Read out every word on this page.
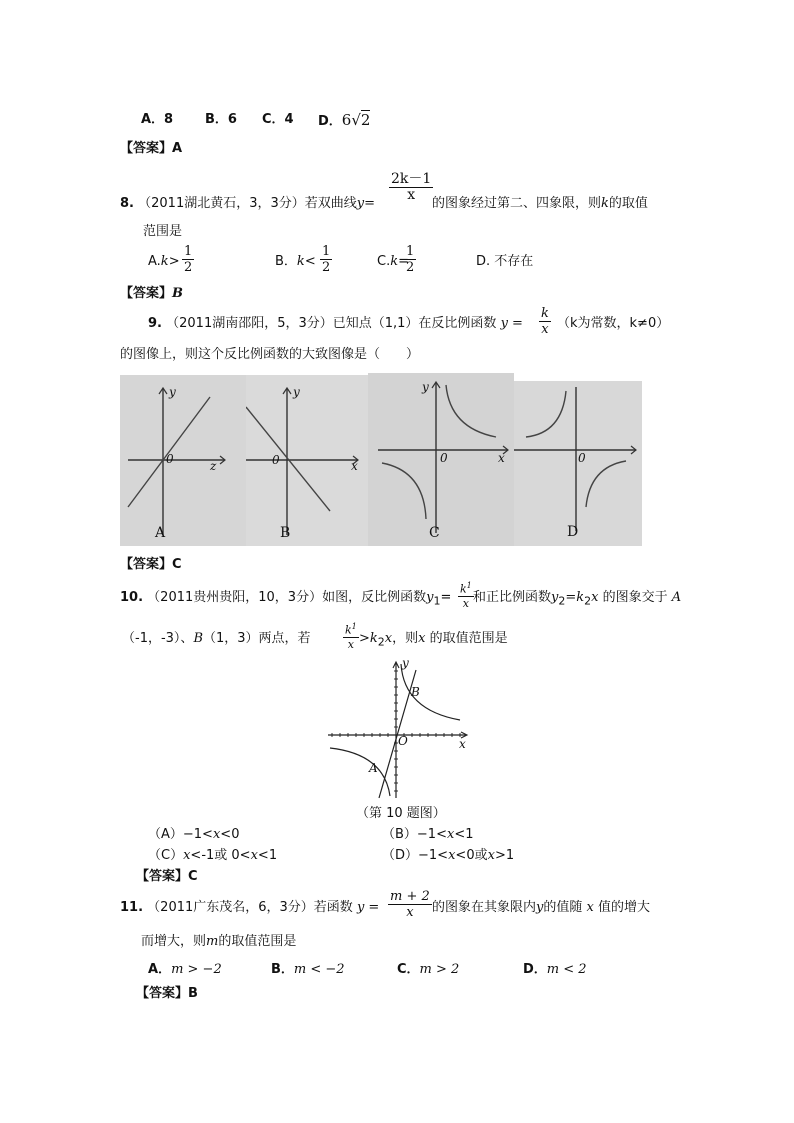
A．8 B．6 C．4 D．6√2
【答案】A
$\frac{2k-1}{x}$
8. （2011湖北黄石，3，3分）若双曲线y=	的图象经过第二、四象限，则k的取值
范围是
$A.k> \frac{1}{2}$	B．$k< \frac{1}{2}$	C.k=
$\frac{1}{2}$	D. 不存在
【答案】B
9. （2011湖南邵阳，5，3分）已知点（1,1）在反比例函数 $y = \frac{k}{x} (k$为常数，k≠0）
的图像上，则这个反比例函数的大致图像是（　　）
y
0	z
A
y
0	x
B
y
0	x
C
0
D
【答案】C
10. （2011贵州贵阳，10，3分）如图，反比例函数$y_1= \frac{k^1}{x}$ 和正比例函数$y_2=k_2x$ 的图象交于 A
（-1，-3）、B（1，3）两点，若	$\frac{k^1}{x} >k_2x$，则x 的取值范围是
y
B
O	x
A
（第 10 题图）
（A）−1<x<0	（B）−1<x<1
（C）x<-1或 0<x<1	（D）−1<x<0或x>1
【答案】C
11. （2011广东茂名，6，3分）若函数 $y = \frac{m + 2}{x}$ 的图象在其象限内y的值随 x 值的增大
而增大，则m的取值范围是
A．m > −2	B．m < −2	C．m > 2	D．m < 2
【答案】B
